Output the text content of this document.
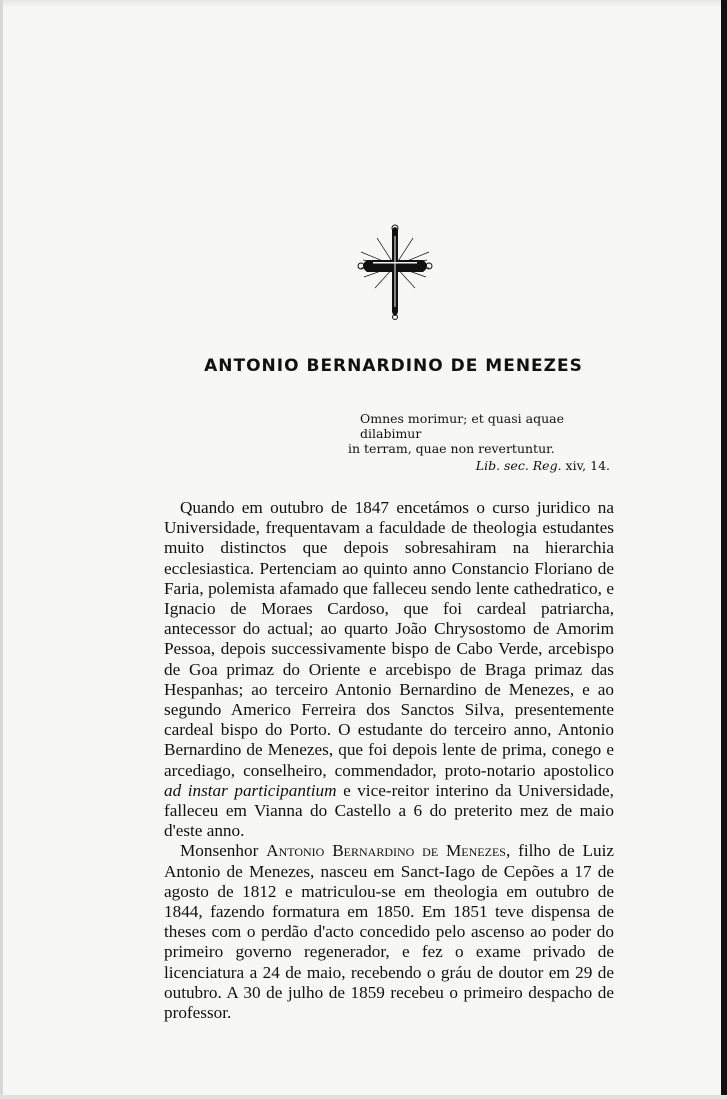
ANTONIO BERNARDINO DE MENEZES
Omnes morimur; et quasi aquae dilabimur
in terram, quae non revertuntur.
Lib. sec. Reg. xiv, 14.

Quando em outubro de 1847 encetámos o curso juridico na Universidade, frequentavam a faculdade de theologia estudantes muito distinctos que depois sobresahiram na hierarchia ecclesiastica. Pertenciam ao quinto anno Constancio Floriano de Faria, polemista afamado que falleceu sendo lente cathedratico, e Ignacio de Moraes Cardoso, que foi cardeal patriarcha, antecessor do actual; ao quarto João Chrysostomo de Amorim Pessoa, depois successivamente bispo de Cabo Verde, arcebispo de Goa primaz do Oriente e arcebispo de Braga primaz das Hespanhas; ao terceiro Antonio Bernardino de Menezes, e ao segundo Americo Ferreira dos Sanctos Silva, presentemente cardeal bispo do Porto. O estudante do terceiro anno, Antonio Bernardino de Menezes, que foi depois lente de prima, conego e arcediago, conselheiro, commendador, proto-notario apostolico ad instar participantium e vice-reitor interino da Universidade, falleceu em Vianna do Castello a 6 do preterito mez de maio d'este anno.

Monsenhor Antonio Bernardino de Menezes, filho de Luiz Antonio de Menezes, nasceu em Sanct-Iago de Cepões a 17 de agosto de 1812 e matriculou-se em theologia em outubro de 1844, fazendo formatura em 1850. Em 1851 teve dispensa de theses com o perdão d'acto concedido pelo ascenso ao poder do primeiro governo regenerador, e fez o exame privado de licenciatura a 24 de maio, recebendo o gráu de doutor em 29 de outubro. A 30 de julho de 1859 recebeu o primeiro despacho de professor.
